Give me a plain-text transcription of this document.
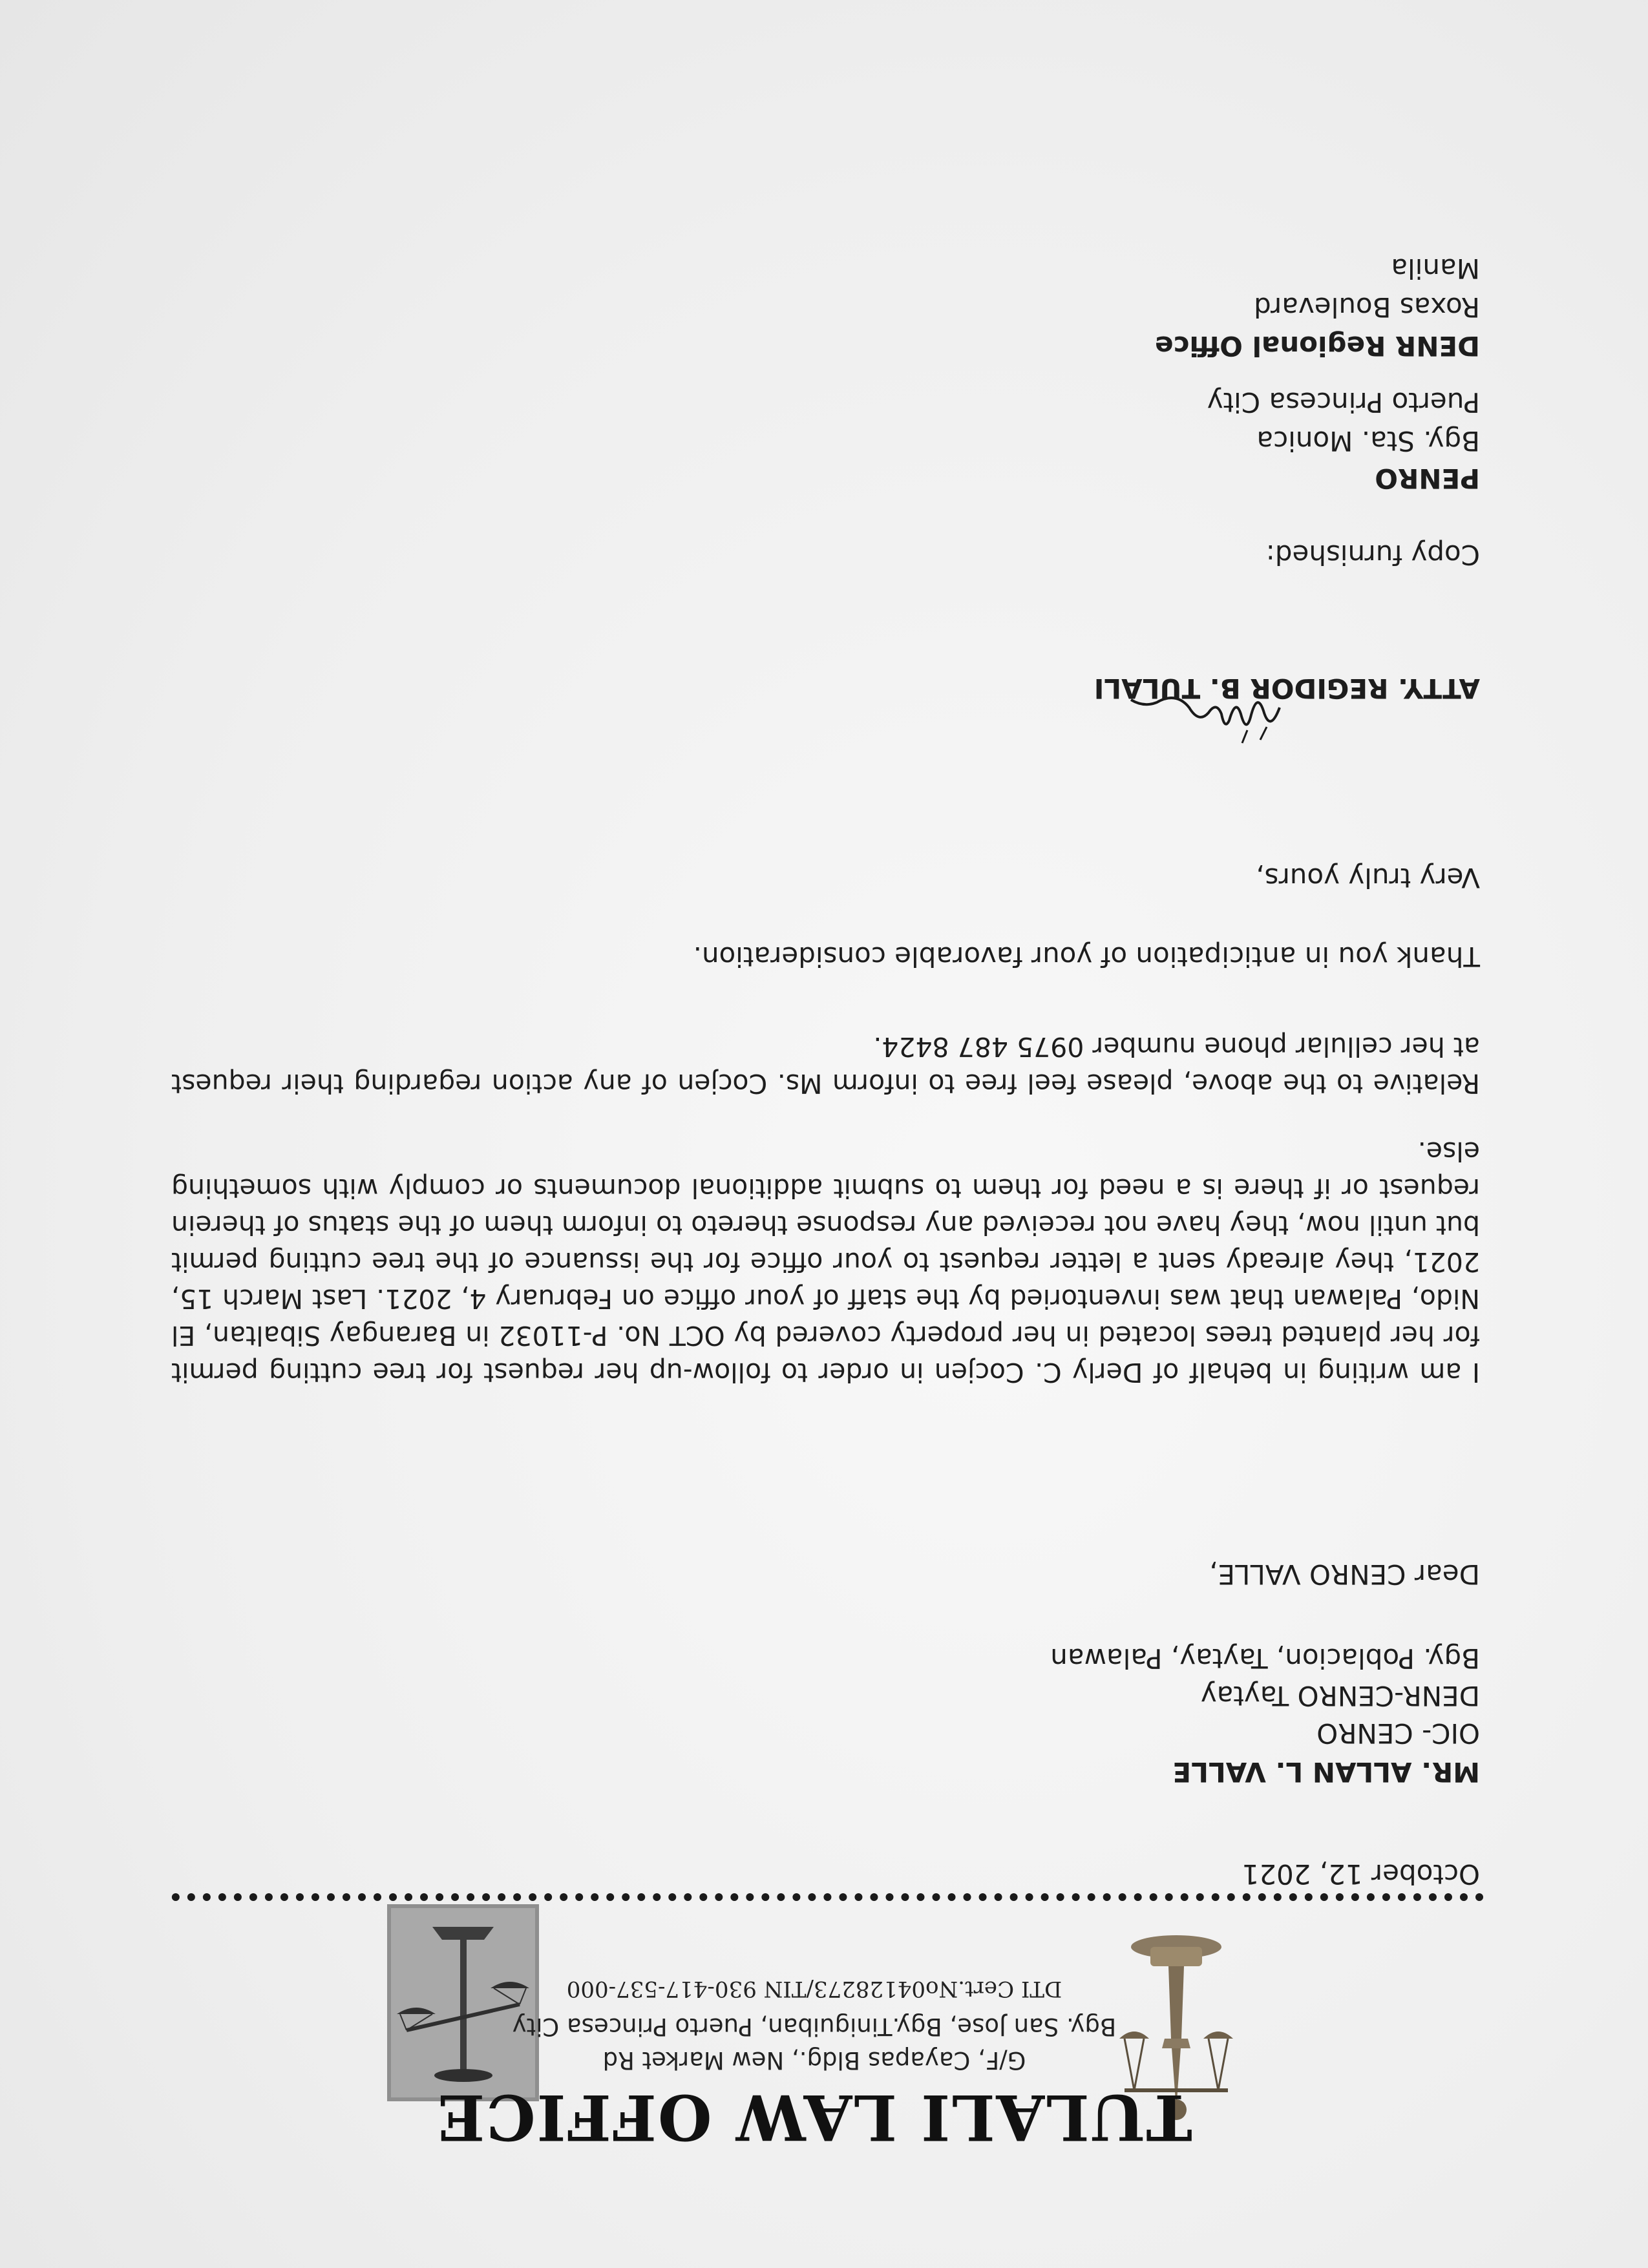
TULALI LAW OFFICE
G/F, Cayapas Bldg., New Market Rd
Bgy. San Jose, Bgy.Tiniguiban, Puerto Princesa City
DTI Cert.No04128273/TIN 930-417-537-000
October 12, 2021
MR. ALLAN L. VALLE
OIC- CENRO
DENR-CENRO Taytay
Bgy. Poblacion, Taytay, Palawan
Dear CENRO VALLE,
I am writing in behalf of Derly C. Cocjen in order to follow-up her request for tree cutting permit for her planted trees located in her property covered by OCT No. P-11032 in Barangay Sibaltan, El Nido, Palawan that was inventoried by the staff of your office on February 4, 2021. Last March 15, 2021, they already sent a letter request to your office for the issuance of the tree cutting permit but until now, they have not received any response thereto to inform them of the status of therein request or if there is a need for them to submit additional documents or comply with something else.
Relative to the above, please feel free to inform Ms. Cocjen of any action regarding their request at her cellular phone number 0975 487 8424.
Thank you in anticipation of your favorable consideration.
Very truly yours,
ATTY. REGIDOR B. TULALI
Copy furnished:
PENRO
Bgy. Sta. Monica
Puerto Princesa City
DENR Regional Office
Roxas Boulevard
Manila
